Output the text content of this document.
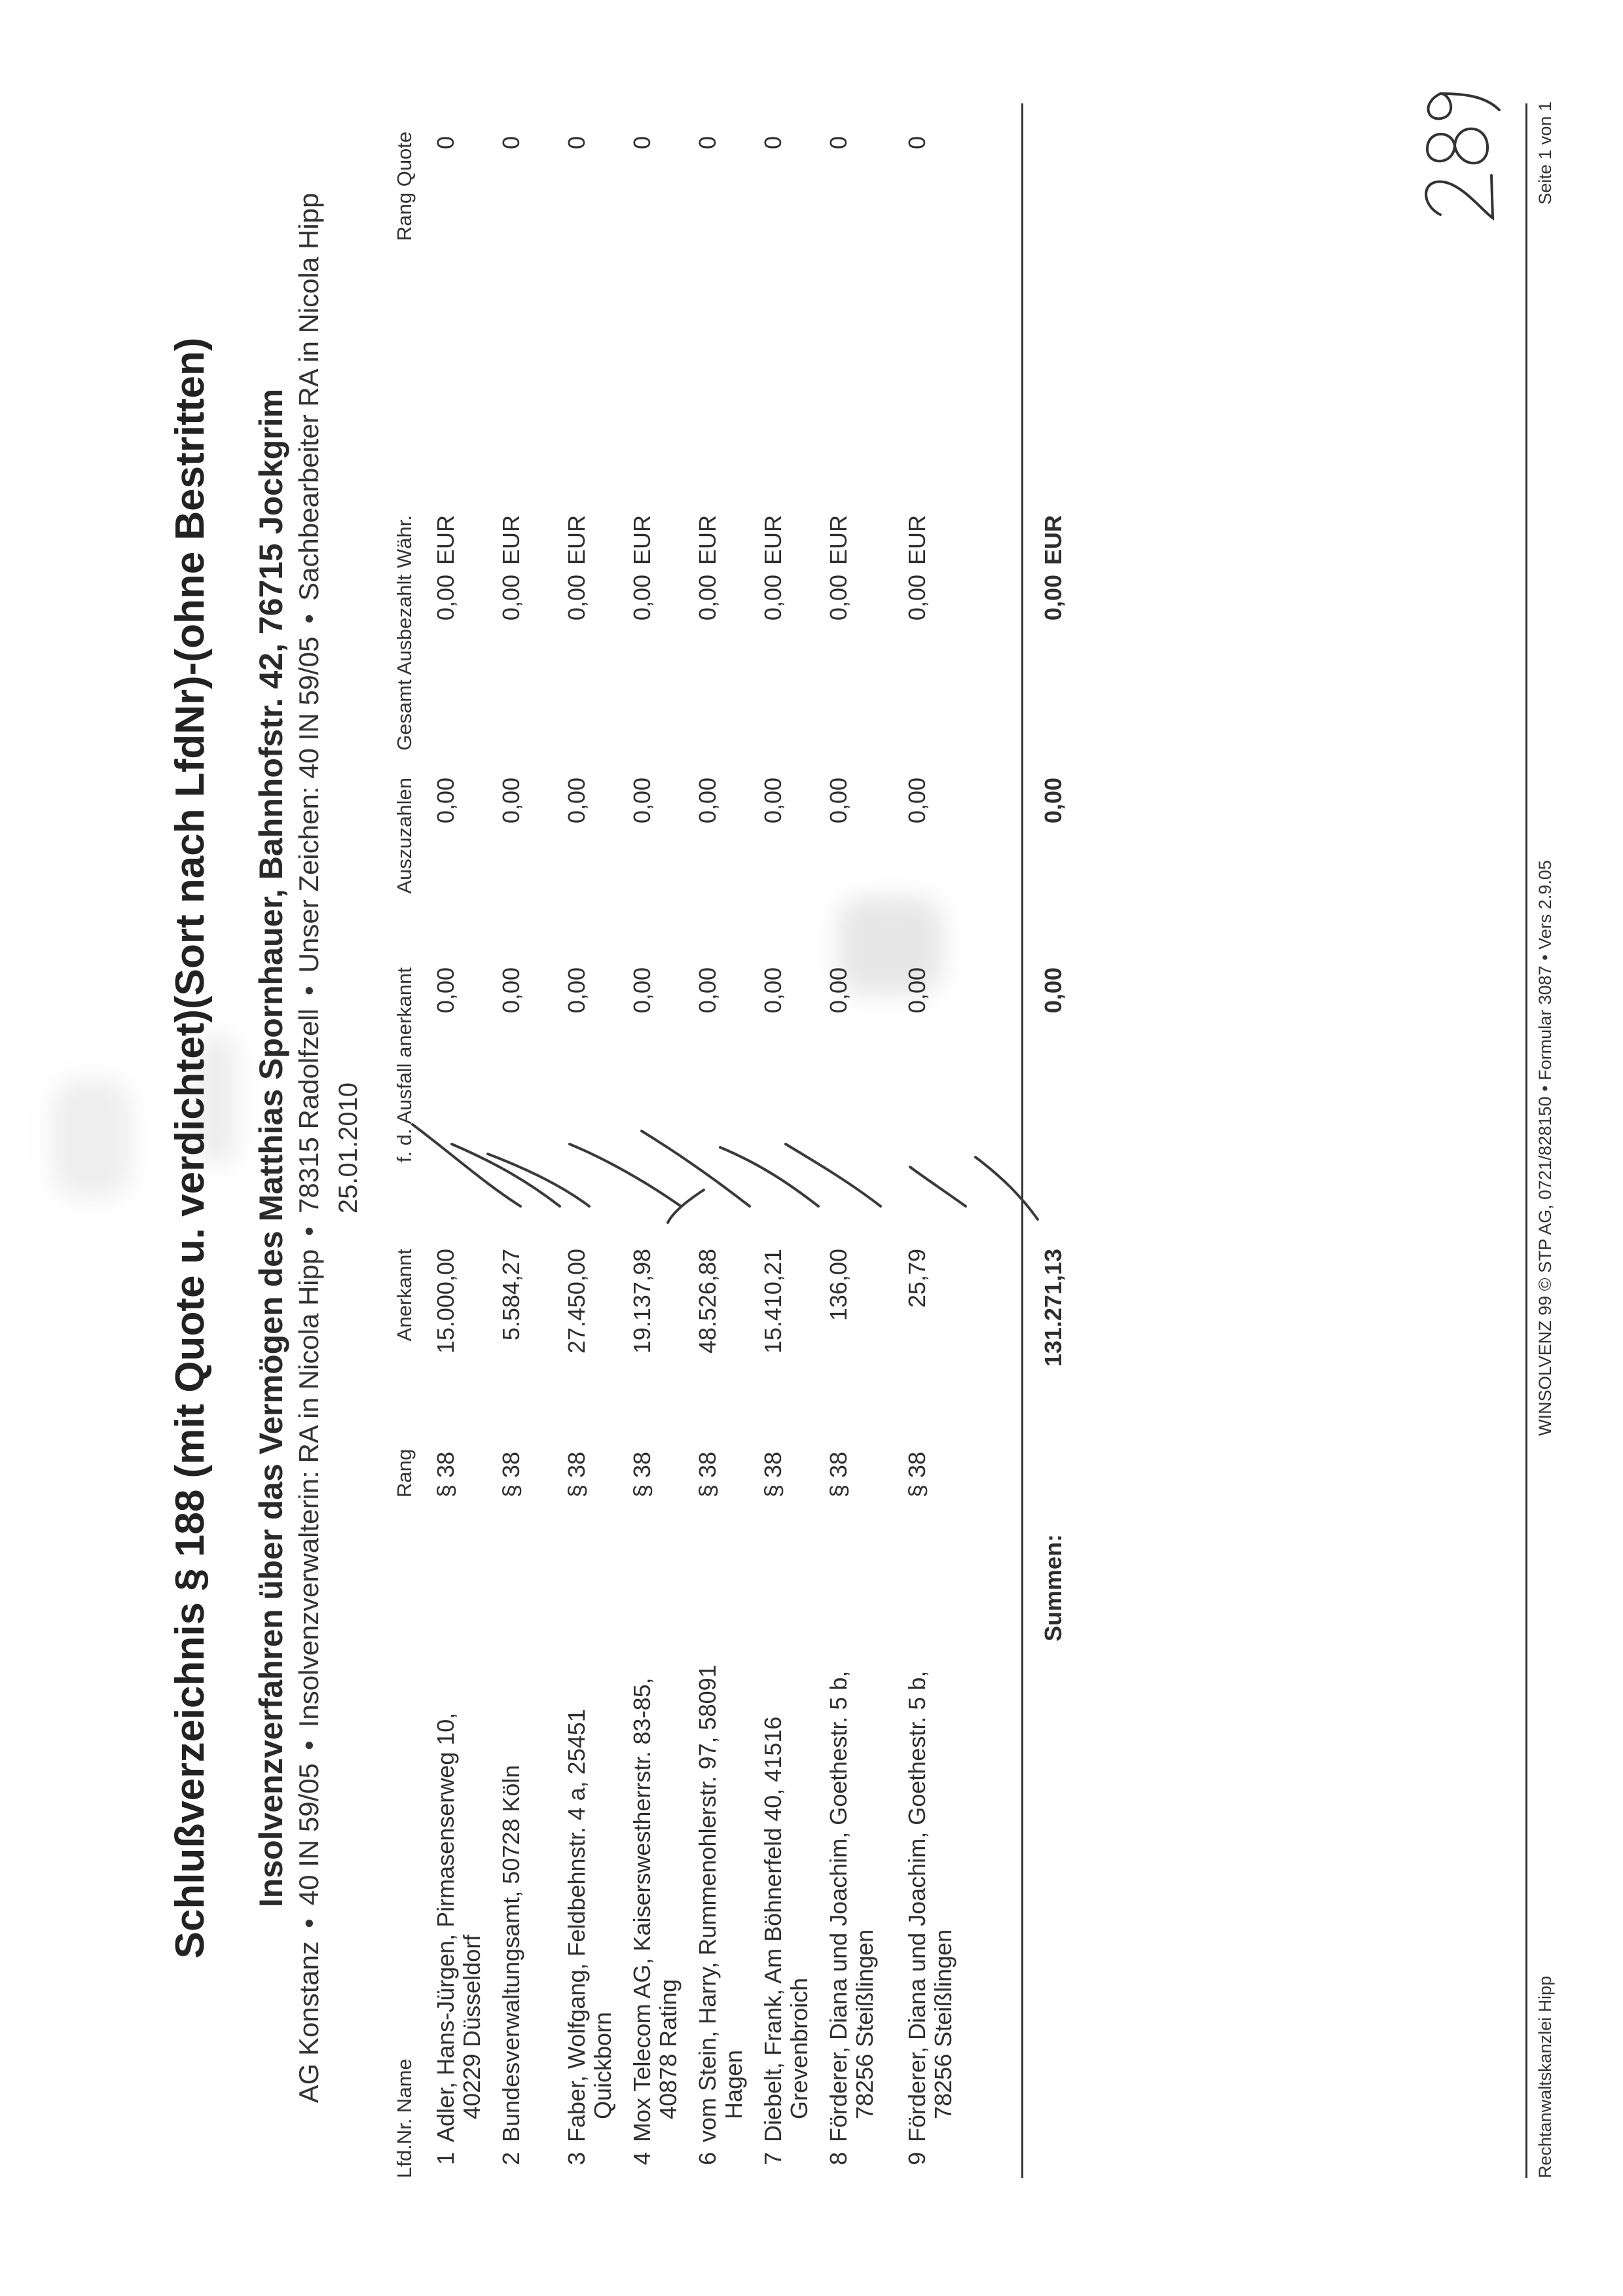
Schlußverzeichnis § 188 (mit Quote u. verdichtet)(Sort nach LfdNr)-(ohne Bestritten) Insolvenzverfahren über das Vermögen des Matthias Spornhauer, Bahnhofstr. 42, 76715 Jockgrim
AG Konstanz•40 IN 59/05•Insolvenzverwalterin: RA in Nicola Hipp•78315 Radolfzell•Unser Zeichen: 40 IN 59/05•Sachbearbeiter RA in Nicola Hipp
25.01.2010
Lfd.Nr. Name
Rang
Anerkannt
f. d. Ausfall anerkannt
Auszuzahlen
Gesamt Ausbezahlt
Währ.
Rang Quote
1
Adler, Hans-Jürgen, Pirmasenserweg 10, 40229 Düsseldorf
§ 38
15.000,00
0,00
0,00
0,00
EUR
0
2
Bundesverwaltungsamt, 50728 Köln
§ 38
5.584,27
0,00
0,00
0,00
EUR
0
3
Faber, Wolfgang, Feldbehnstr. 4 a, 25451 Quickborn
§ 38
27.450,00
0,00
0,00
0,00
EUR
0
4
Mox Telecom AG, Kaiserswestherrstr. 83-85, 40878 Rating
§ 38
19.137,98
0,00
0,00
0,00
EUR
0
6
vom Stein, Harry, Rummenohlerstr. 97, 58091 Hagen
§ 38
48.526,88
0,00
0,00
0,00
EUR
0
7
Diebelt, Frank, Am Böhnerfeld 40, 41516 Grevenbroich
§ 38
15.410,21
0,00
0,00
0,00
EUR
0
8
Förderer, Diana und Joachim, Goethestr. 5 b, 78256 Steißlingen
§ 38
136,00
0,00
0,00
0,00
EUR
0
9
Förderer, Diana und Joachim, Goethestr. 5 b, 78256 Steißlingen
§ 38
25,79
0,00
0,00
0,00
EUR
0
Summen:
131.271,13
0,00
0,00
0,00
EUR
Rechtanwaltskanzlei Hipp
WINSOLVENZ 99 © STP AG, 0721/828150 • Formular 3087 • Vers 2.9.05
Seite 1 von 1
